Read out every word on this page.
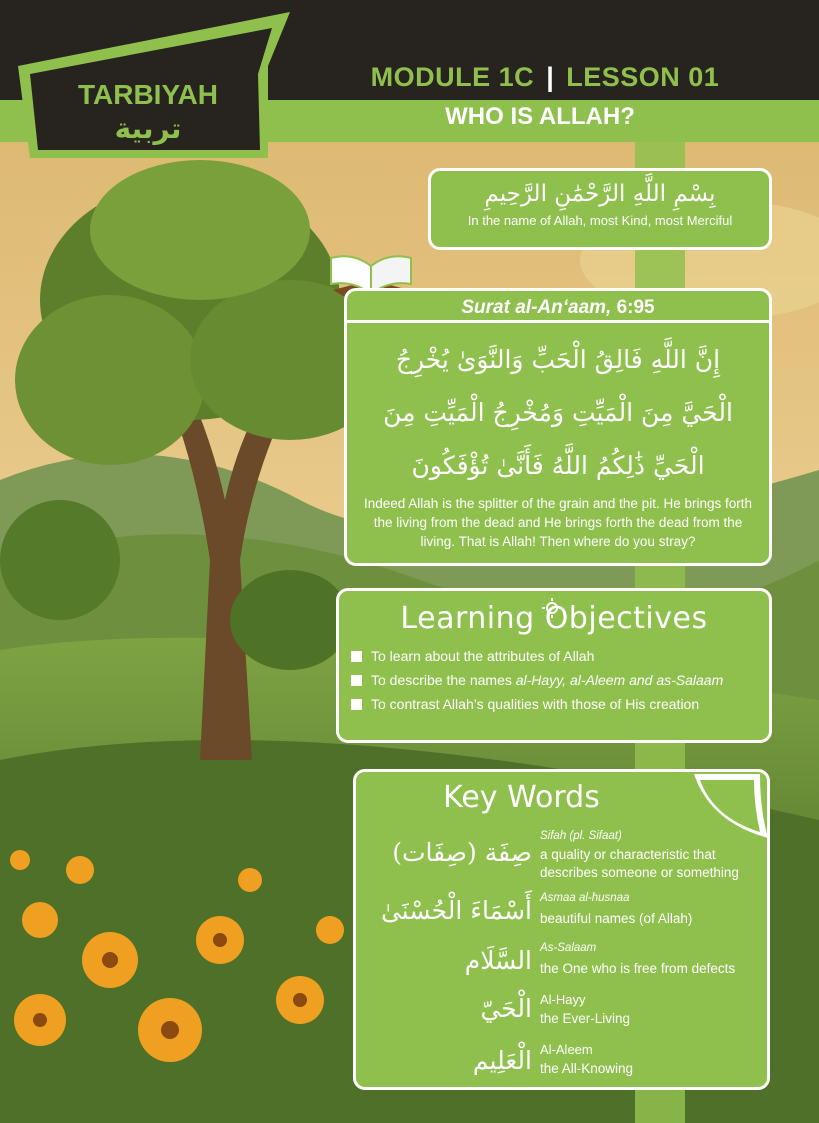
TARBIYAH
تربية
MODULE 1C | LESSON 01
WHO IS ALLAH?
بِسْمِ اللَّهِ الرَّحْمَٰنِ الرَّحِيمِ
In the name of Allah, most Kind, most Merciful
Surat al-An‘aam, 6:95
إِنَّ اللَّهِ فَالِقُ الْحَبِّ وَالنَّوَىٰ يُخْرِجُ
الْحَيَّ مِنَ الْمَيِّتِ وَمُخْرِجُ الْمَيِّتِ مِنَ
الْحَيِّ ذَٰلِكُمُ اللَّهُ فَأَنَّىٰ تُؤْفَكُونَ
Indeed Allah is the splitter of the grain and the pit. He brings forth the living from the dead and He brings forth the dead from the living. That is Allah! Then where do you stray?
Learning Objectives
To learn about the attributes of Allah
To describe the names al-Hayy, al-Aleem and as-Salaam
To contrast Allah’s qualities with those of His creation
Key Words
صِفَة (صِفَات)
Sifah (pl. Sifaat)
a quality or characteristic that describes someone or something
أَسْمَاءَ الْحُسْنَىٰ Asmaa al-husnaa
beautiful names (of Allah)
السَّلَام As-Salaam
the One who is free from defects
الْحَيّ Al-Hayy
the Ever-Living
الْعَلِيم Al-Aleem
the All-Knowing
